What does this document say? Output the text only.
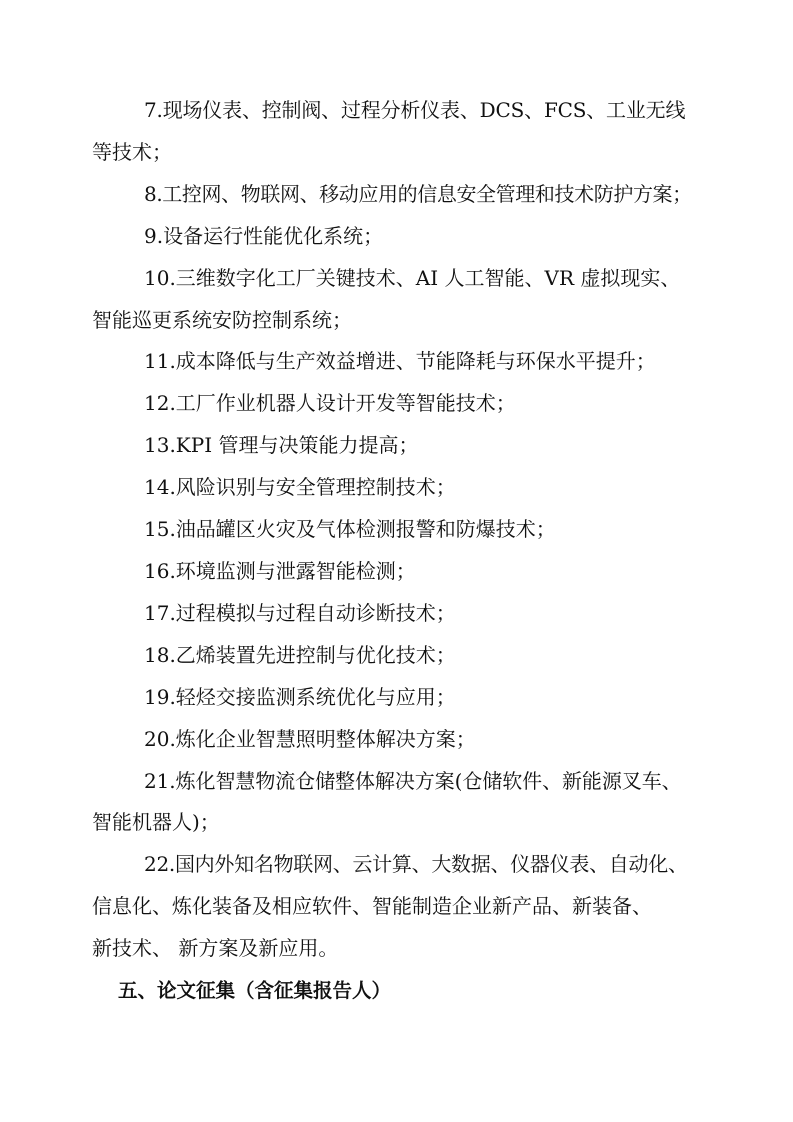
7.现场仪表、控制阀、过程分析仪表、DCS、FCS、工业无线
等技术；
8.工控网、物联网、移动应用的信息安全管理和技术防护方案；
9.设备运行性能优化系统；
10.三维数字化工厂关键技术、AI 人工智能、VR 虚拟现实、
智能巡更系统安防控制系统；
11.成本降低与生产效益增进、节能降耗与环保水平提升；
12.工厂作业机器人设计开发等智能技术；
13.KPI 管理与决策能力提高；
14.风险识别与安全管理控制技术；
15.油品罐区火灾及气体检测报警和防爆技术；
16.环境监测与泄露智能检测；
17.过程模拟与过程自动诊断技术；
18.乙烯装置先进控制与优化技术；
19.轻烃交接监测系统优化与应用；
20.炼化企业智慧照明整体解决方案；
21.炼化智慧物流仓储整体解决方案(仓储软件、新能源叉车、
智能机器人)；
22.国内外知名物联网、云计算、大数据、仪器仪表、自动化、
信息化、炼化装备及相应软件、智能制造企业新产品、新装备、
新技术、 新方案及新应用。
五、论文征集（含征集报告人）
